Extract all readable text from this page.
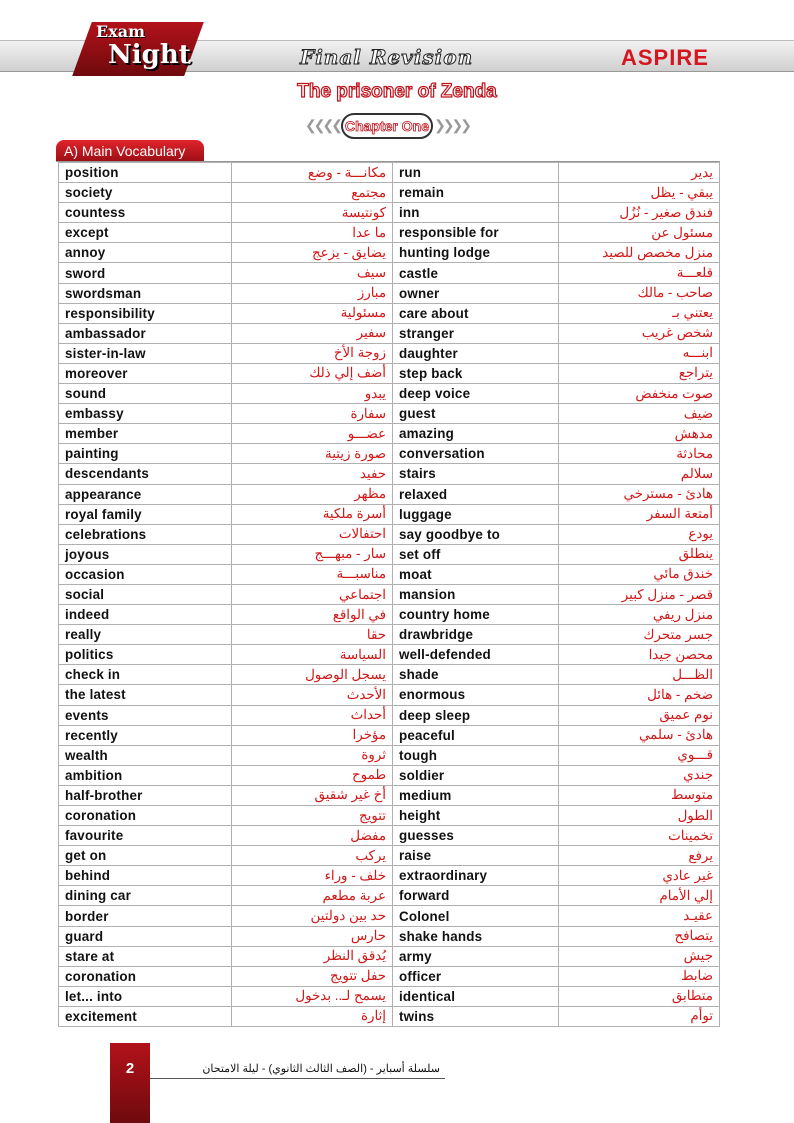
Exam
Night	Final Revision	ASPIRE
The prisoner of Zenda
❮❮❮❮ Chapter One ❯❯❯❯
A) Main Vocabulary
position	مكانـــة - وضع	run	يدير

society	مجتمع	remain	يبقي - يظل

countess	كونتيسة	inn	فندق صغير - نُزُل

except	ما عدا	responsible for	مسئول عن

annoy	يضايق - يزعج	hunting lodge	منزل مخصص للصيد

sword	سيف	castle	قلعـــة

swordsman	مبارز	owner	صاحب - مالك

responsibility	مسئولية	care about	يعتني بـ

ambassador	سفير	stranger	شخص غريب

sister-in-law	زوجة الأخ	daughter	ابنـــه

moreover	أضف إلي ذلك	step back	يتراجع

sound	يبدو	deep voice	صوت منخفض

embassy	سفارة	guest	ضيف

member	عضـــو	amazing	مدهش

painting	صورة زيتية	conversation	محادثة

descendants	حفيد	stairs	سلالم

appearance	مظهر	relaxed	هادئ - مسترخي

royal family	أسرة ملكية	luggage	أمتعة السفر

celebrations	احتفالات	say goodbye to	يودع

joyous	سار - مبهـــج	set off	ينطلق

occasion	مناسبـــة	moat	خندق مائي

social	اجتماعي	mansion	قصر - منزل كبير

indeed	في الواقع	country home	منزل ريفي

really	حقا	drawbridge	جسر متحرك

politics	السياسة	well-defended	محصن جيدا

check in	يسجل الوصول	shade	الظـــل

the latest	الأحدث	enormous	ضخم - هائل

events	أحداث	deep sleep	نوم عميق

recently	مؤخرا	peaceful	هادئ - سلمي

wealth	ثروة	tough	قـــوي

ambition	طموح	soldier	جندي

half-brother	أخ غير شقيق	medium	متوسط

coronation	تتويج	height	الطول

favourite	مفضل	guesses	تخمينات

get on	يركب	raise	يرفع

behind	خلف - وراء	extraordinary	غير عادي

dining car	عربة مطعم	forward	إلي الأمام

border	حد بين دولتين	Colonel	عقيـد

guard	حارس	shake hands	يتصافح

stare at	يُدقق النظر	army	جيش

coronation	حفل تتويج	officer	ضابط

let... into	يسمح لـ.. بدخول	identical	متطابق

excitement	إثارة	twins	توأم
2	سلسلة أسباير - (الصف الثالث الثانوي) - ليلة الامتحان
